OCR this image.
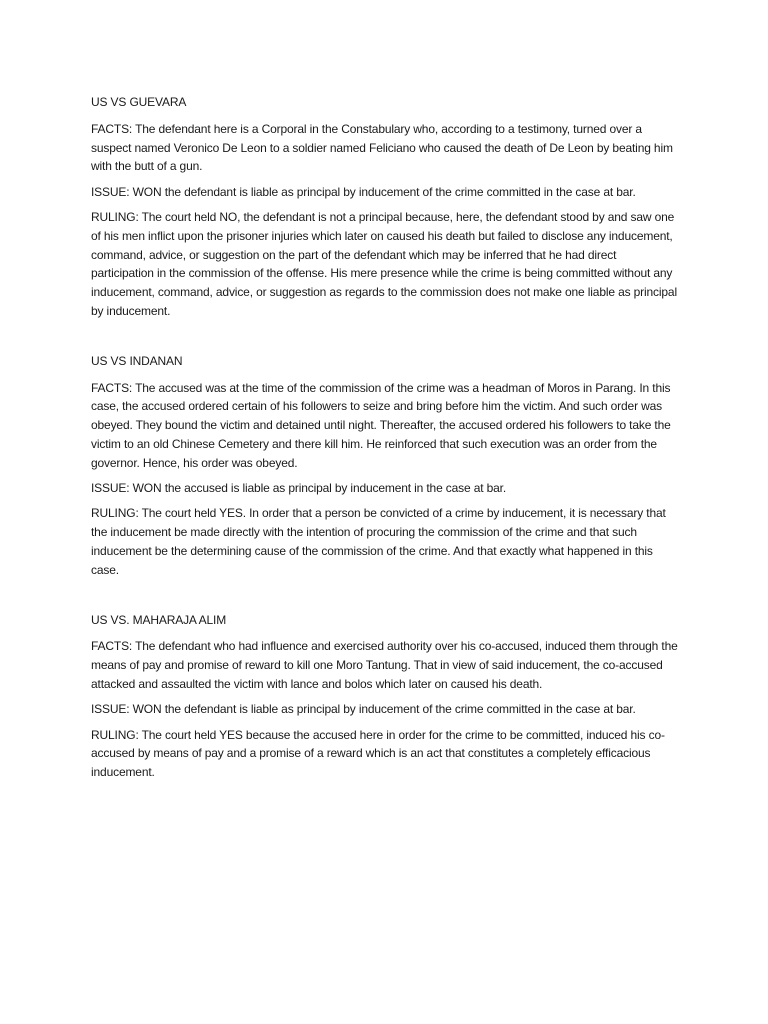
US VS GUEVARA

FACTS: The defendant here is a Corporal in the Constabulary who, according to a testimony, turned over a suspect named Veronico De Leon to a soldier named Feliciano who caused the death of De Leon by beating him with the butt of a gun.

ISSUE: WON the defendant is liable as principal by inducement of the crime committed in the case at bar.

RULING: The court held NO, the defendant is not a principal because, here, the defendant stood by and saw one of his men inflict upon the prisoner injuries which later on caused his death but failed to disclose any inducement, command, advice, or suggestion on the part of the defendant which may be inferred that he had direct participation in the commission of the offense. His mere presence while the crime is being committed without any inducement, command, advice, or suggestion as regards to the commission does not make one liable as principal by inducement.

US VS INDANAN

FACTS: The accused was at the time of the commission of the crime was a headman of Moros in Parang. In this case, the accused ordered certain of his followers to seize and bring before him the victim. And such order was obeyed. They bound the victim and detained until night. Thereafter, the accused ordered his followers to take the victim to an old Chinese Cemetery and there kill him. He reinforced that such execution was an order from the governor. Hence, his order was obeyed.

ISSUE: WON the accused is liable as principal by inducement in the case at bar.

RULING: The court held YES. In order that a person be convicted of a crime by inducement, it is necessary that the inducement be made directly with the intention of procuring the commission of the crime and that such inducement be the determining cause of the commission of the crime. And that exactly what happened in this case.

US VS. MAHARAJA ALIM

FACTS: The defendant who had influence and exercised authority over his co-accused, induced them through the means of pay and promise of reward to kill one Moro Tantung. That in view of said inducement, the co-accused attacked and assaulted the victim with lance and bolos which later on caused his death.

ISSUE: WON the defendant is liable as principal by inducement of the crime committed in the case at bar.

RULING: The court held YES because the accused here in order for the crime to be committed, induced his co-accused by means of pay and a promise of a reward which is an act that constitutes a completely efficacious inducement.
